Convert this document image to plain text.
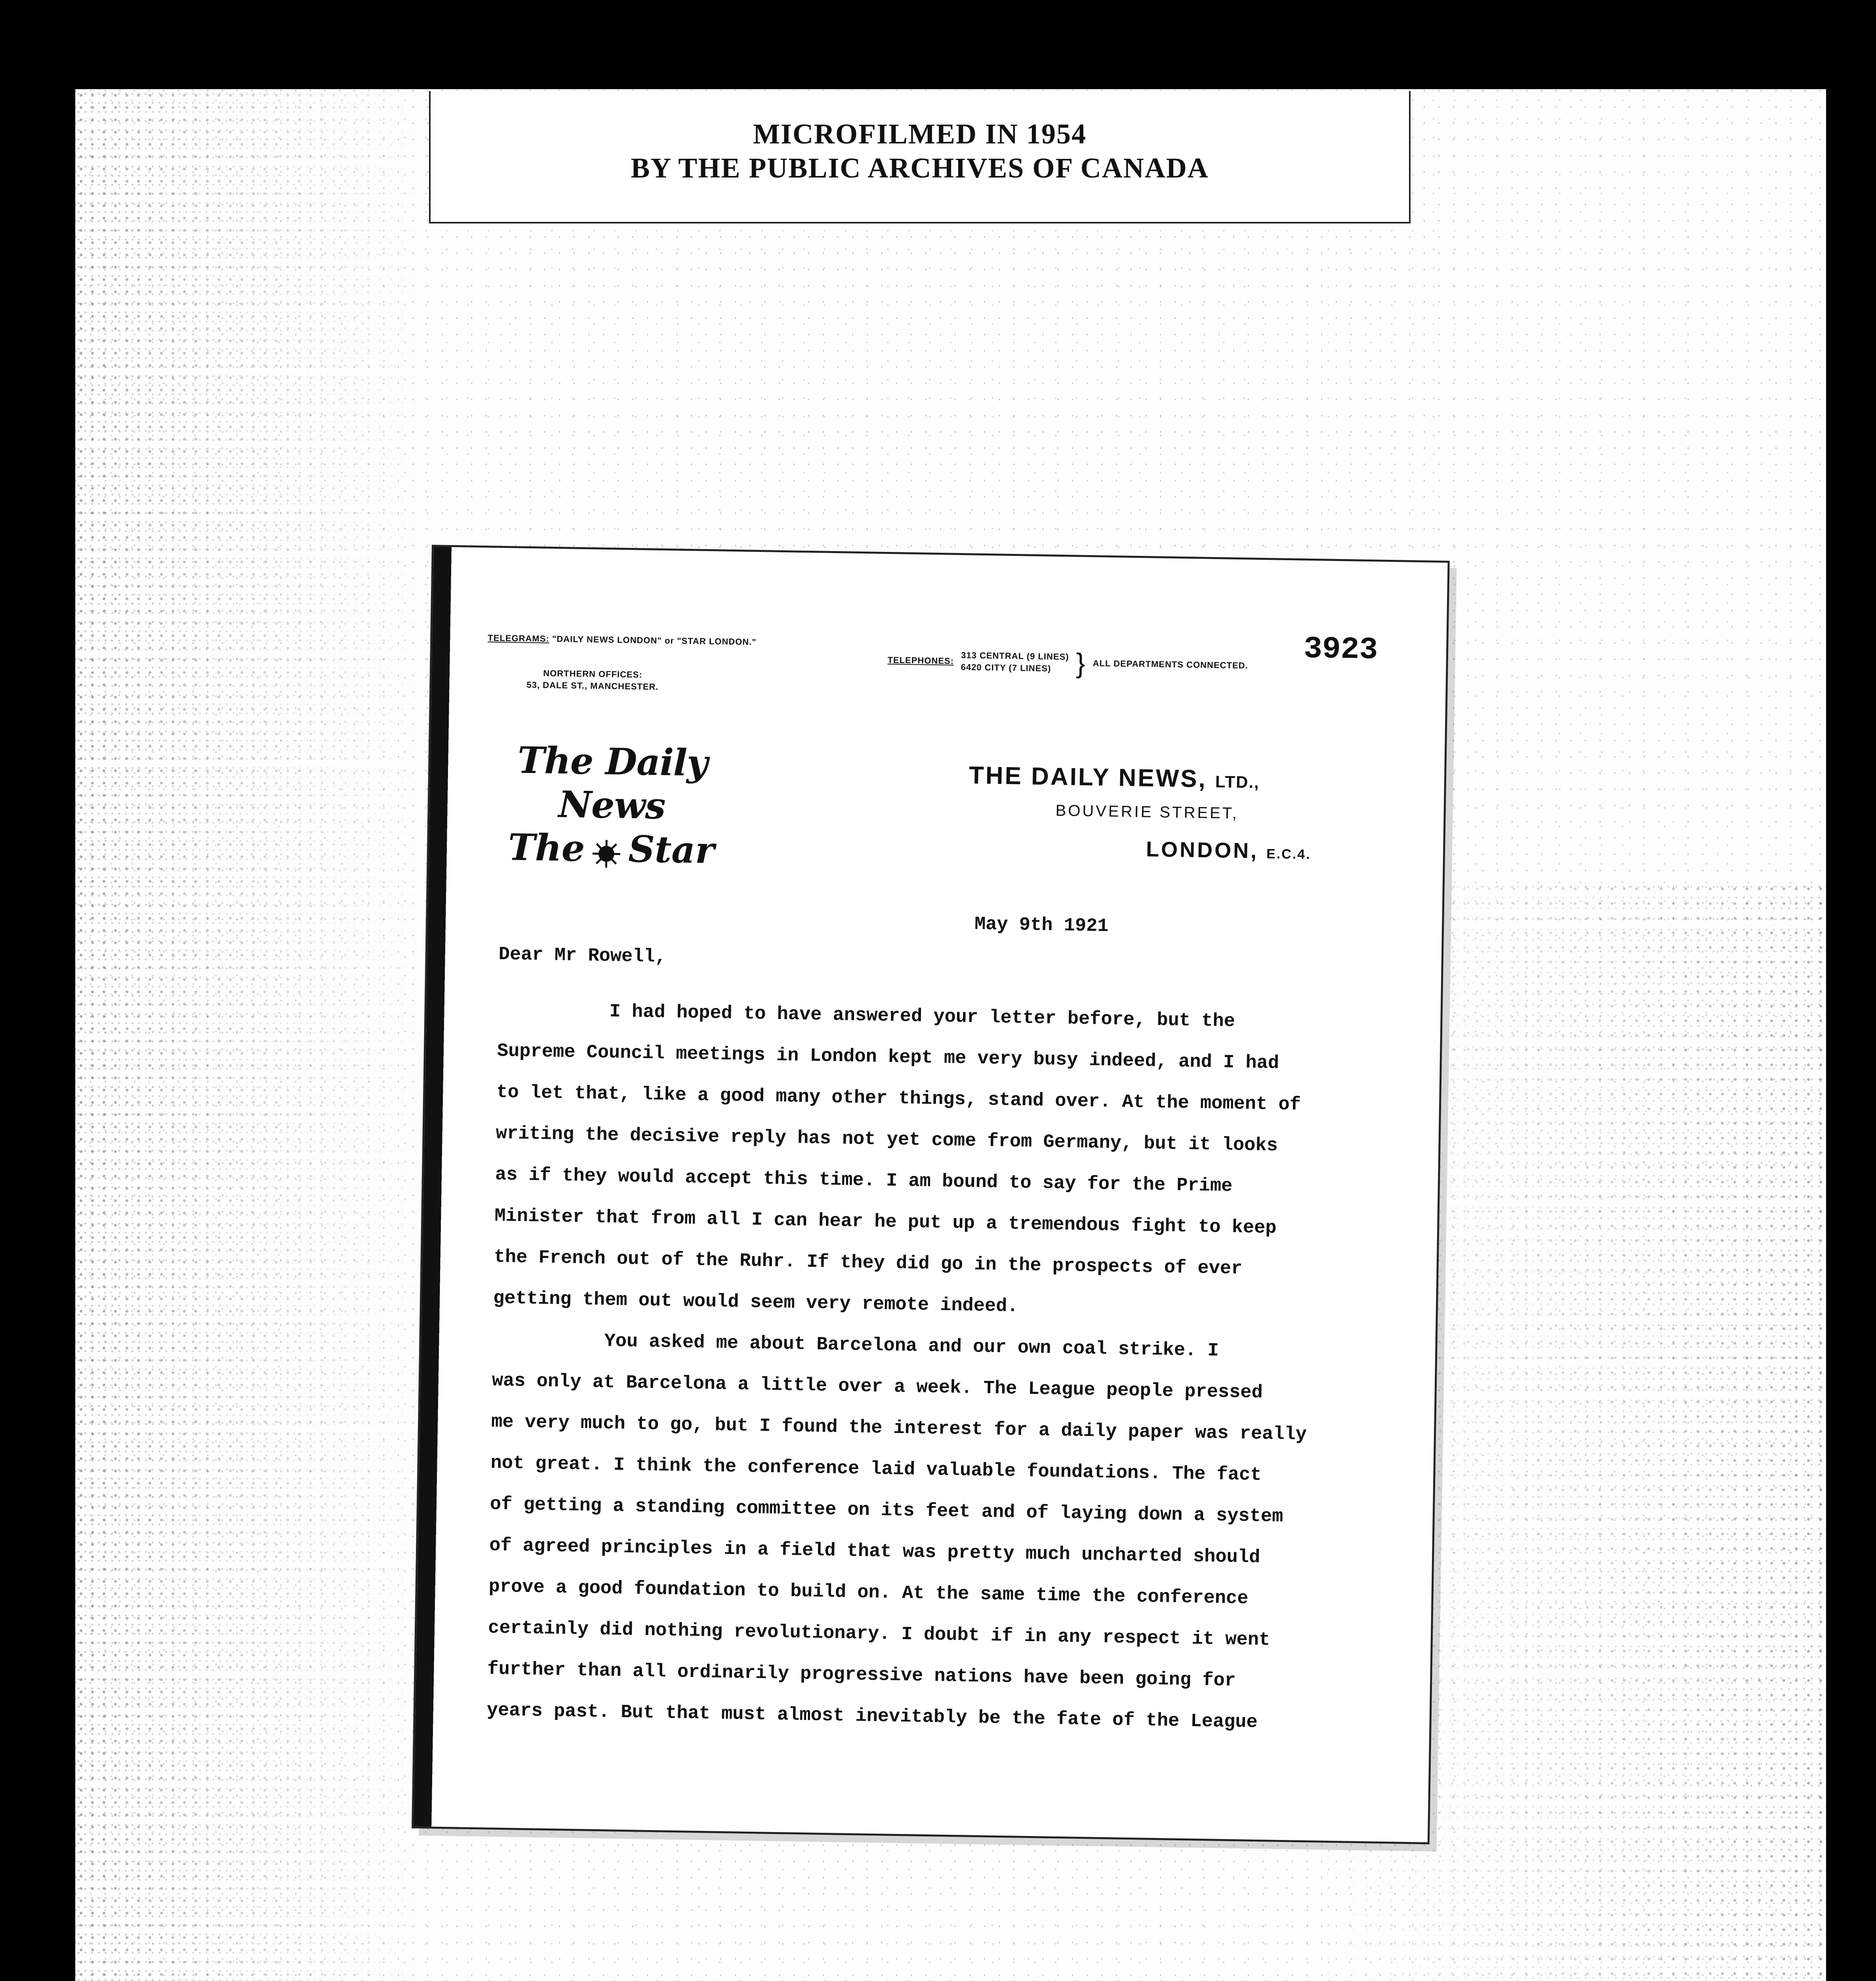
MICROFILMED IN 1954
BY THE PUBLIC ARCHIVES OF CANADA
TELEGRAMS: "DAILY NEWS LONDON" or "STAR LONDON."
NORTHERN OFFICES:
53, DALE ST., MANCHESTER.
TELEPHONES: 313 CENTRAL (9 LINES)
6420 CITY (7 LINES) } ALL DEPARTMENTS CONNECTED. 3923
The Daily News
The Star
THE DAILY NEWS, LTD.,
BOUVERIE STREET,
LONDON, E.C.4.
May 9th 1921
Dear Mr Rowell,
I had hoped to have answered your letter before, but the
Supreme Council meetings in London kept me very busy indeed, and I had
to let that, like a good many other things, stand over. At the moment of
writing the decisive reply has not yet come from Germany, but it looks
as if they would accept this time. I am bound to say for the Prime
Minister that from all I can hear he put up a tremendous fight to keep
the French out of the Ruhr. If they did go in the prospects of ever
getting them out would seem very remote indeed.
You asked me about Barcelona and our own coal strike. I
was only at Barcelona a little over a week. The League people pressed
me very much to go, but I found the interest for a daily paper was really
not great. I think the conference laid valuable foundations. The fact
of getting a standing committee on its feet and of laying down a system
of agreed principles in a field that was pretty much uncharted should
prove a good foundation to build on. At the same time the conference
certainly did nothing revolutionary. I doubt if in any respect it went
further than all ordinarily progressive nations have been going for
years past. But that must almost inevitably be the fate of the League
